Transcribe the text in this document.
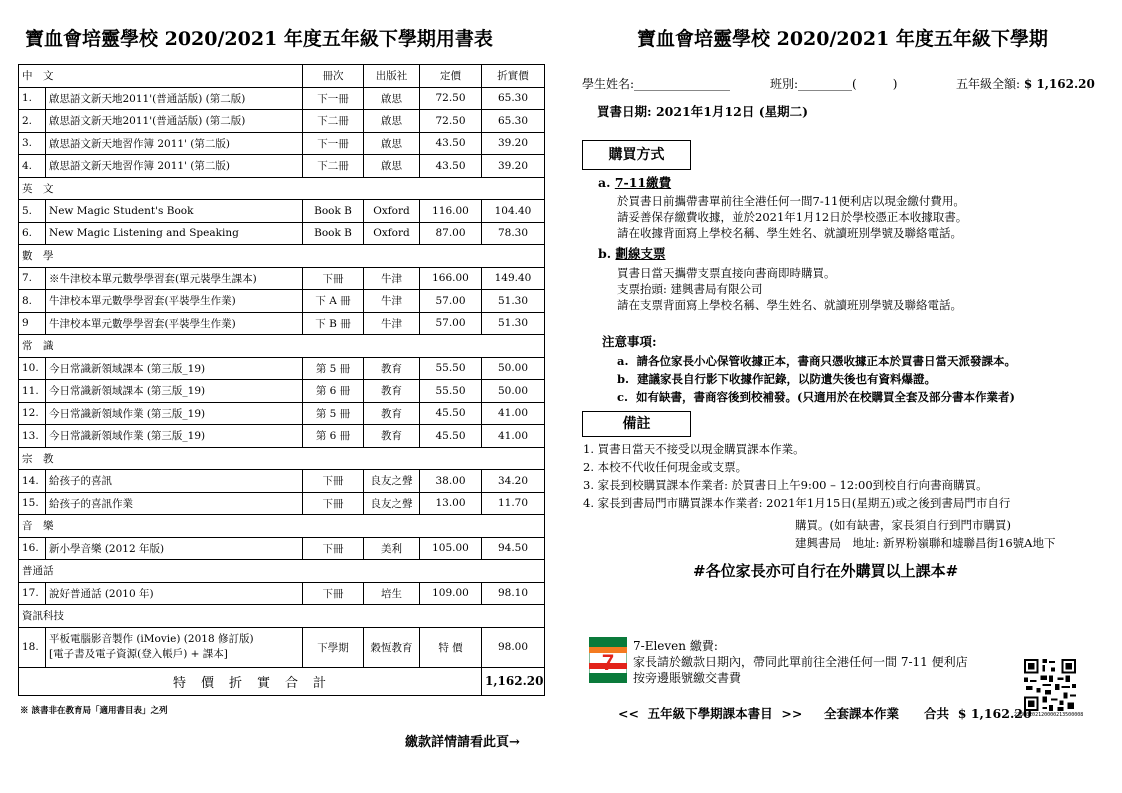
寶血會培靈學校 2020/2021 年度五年級下學期用書表
中　文		冊次	出版社	定價	折實價
1.	啟思語文新天地2011'(普通話版) (第二版)	下一冊	啟思	72.50	65.30
2.	啟思語文新天地2011'(普通話版) (第二版)	下二冊	啟思	72.50	65.30
3.	啟思語文新天地習作簿 2011' (第二版)	下一冊	啟思	43.50	39.20
4.	啟思語文新天地習作簿 2011' (第二版)	下二冊	啟思	43.50	39.20
英　文					
5.	New Magic Student's Book	Book B	Oxford	116.00	104.40
6.	New Magic Listening and Speaking	Book B	Oxford	87.00	78.30
數　學					
7.	※牛津校本單元數學學習套(單元裝學生課本)	下冊	牛津	166.00	149.40
8.	牛津校本單元數學學習套(平裝學生作業)	下 A 冊	牛津	57.00	51.30
9	牛津校本單元數學學習套(平裝學生作業)	下 B 冊	牛津	57.00	51.30
常　識					
10.	今日常識新領域課本 (第三版_19)	第 5 冊	教育	55.50	50.00
11.	今日常識新領域課本 (第三版_19)	第 6 冊	教育	55.50	50.00
12.	今日常識新領域作業 (第三版_19)	第 5 冊	教育	45.50	41.00
13.	今日常識新領域作業 (第三版_19)	第 6 冊	教育	45.50	41.00
宗　教					
14.	給孩子的喜訊	下冊	良友之聲	38.00	34.20
15.	給孩子的喜訊作業	下冊	良友之聲	13.00	11.70
音　樂					
16.	新小學音樂 (2012 年版)	下冊	美利	105.00	94.50
普通話					
17.	說好普通話 (2010 年)	下冊	培生	109.00	98.10
資訊科技					
18.	平板電腦影音製作 (iMovie) (2018 修訂版)
[電子書及電子資源(登入帳戶) + 課本]	下學期	穀恆教育	特 價	98.00
特　價　折　實　合　計					1,162.20
※ 該書非在教育局「適用書目表」之列
繳款詳情請看此頁→
寶血會培靈學校 2020/2021 年度五年級下學期
學生姓名:________________	班別:_________(　　　)	五年級全額: $ 1,162.20
買書日期: 2021年1月12日 (星期二)
購買方式
a. 7-11繳費
於買書日前攜帶書單前往全港任何一間7-11便利店以現金繳付費用。
請妥善保存繳費收據，並於2021年1月12日於學校憑正本收據取書。
請在收據背面寫上學校名稱、學生姓名、就讀班別學號及聯絡電話。
b. 劃線支票
買書日當天攜帶支票直接向書商即時購買。
支票抬頭: 建興書局有限公司
請在支票背面寫上學校名稱、學生姓名、就讀班別學號及聯絡電話。
注意事項:
a. 請各位家長小心保管收據正本，書商只憑收據正本於買書日當天派發課本。
b. 建議家長自行影下收據作記錄，以防遺失後也有資料爆證。
c. 如有缺書，書商容後到校補發。(只適用於在校購買全套及部分書本作業者)
備註
1. 買書日當天不接受以現金購買課本作業。
2. 本校不代收任何現金或支票。
3. 家長到校購買課本作業者: 於買書日上午9:00 – 12:00到校自行向書商購買。
4. 家長到書局門市購買課本作業者: 2021年1月15日(星期五)或之後到書局門市自行
購買。(如有缺書，家長須自行到門市購買)
建興書局　地址: 新界粉嶺聯和墟聯昌街16號A地下
#各位家長亦可自行在外購買以上課本#
7
7-Eleven 繳費:
家長請於繳款日期內，帶同此單前往全港任何一間 7-11 便利店
按旁邊賬號繳交書費
23800202120000213500008
<<  五年級下學期課本書目  >>     全套課本作業　　合共  $ 1,162.20
